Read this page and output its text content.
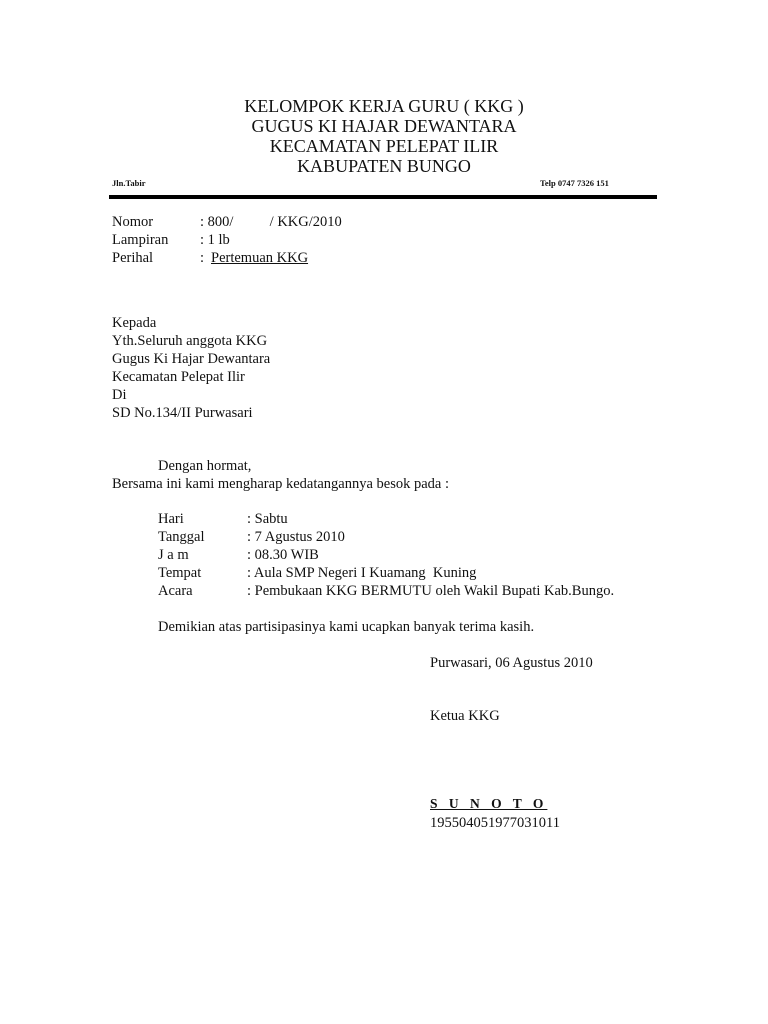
KELOMPOK KERJA GURU ( KKG )
GUGUS KI HAJAR DEWANTARA
KECAMATAN PELEPAT ILIR
KABUPATEN BUNGO
Jln.Tabir	Telp 0747 7326 151
Nomor	: 800/          / KKG/2010
Lampiran : 1 lb
Perihal	: Pertemuan KKG
Kepada
Yth.Seluruh anggota KKG
Gugus Ki Hajar Dewantara
Kecamatan Pelepat Ilir
Di
SD No.134/II Purwasari
Dengan hormat,
Bersama ini kami mengharap kedatangannya besok pada :
Hari	: Sabtu
Tanggal	: 7 Agustus 2010
J a m	: 08.30 WIB
Tempat	: Aula SMP Negeri I Kuamang  Kuning
Acara	: Pembukaan KKG BERMUTU oleh Wakil Bupati Kab.Bungo.
Demikian atas partisipasinya kami ucapkan banyak terima kasih.
Purwasari, 06 Agustus 2010
Ketua KKG
S U N O T O
195504051977031011
